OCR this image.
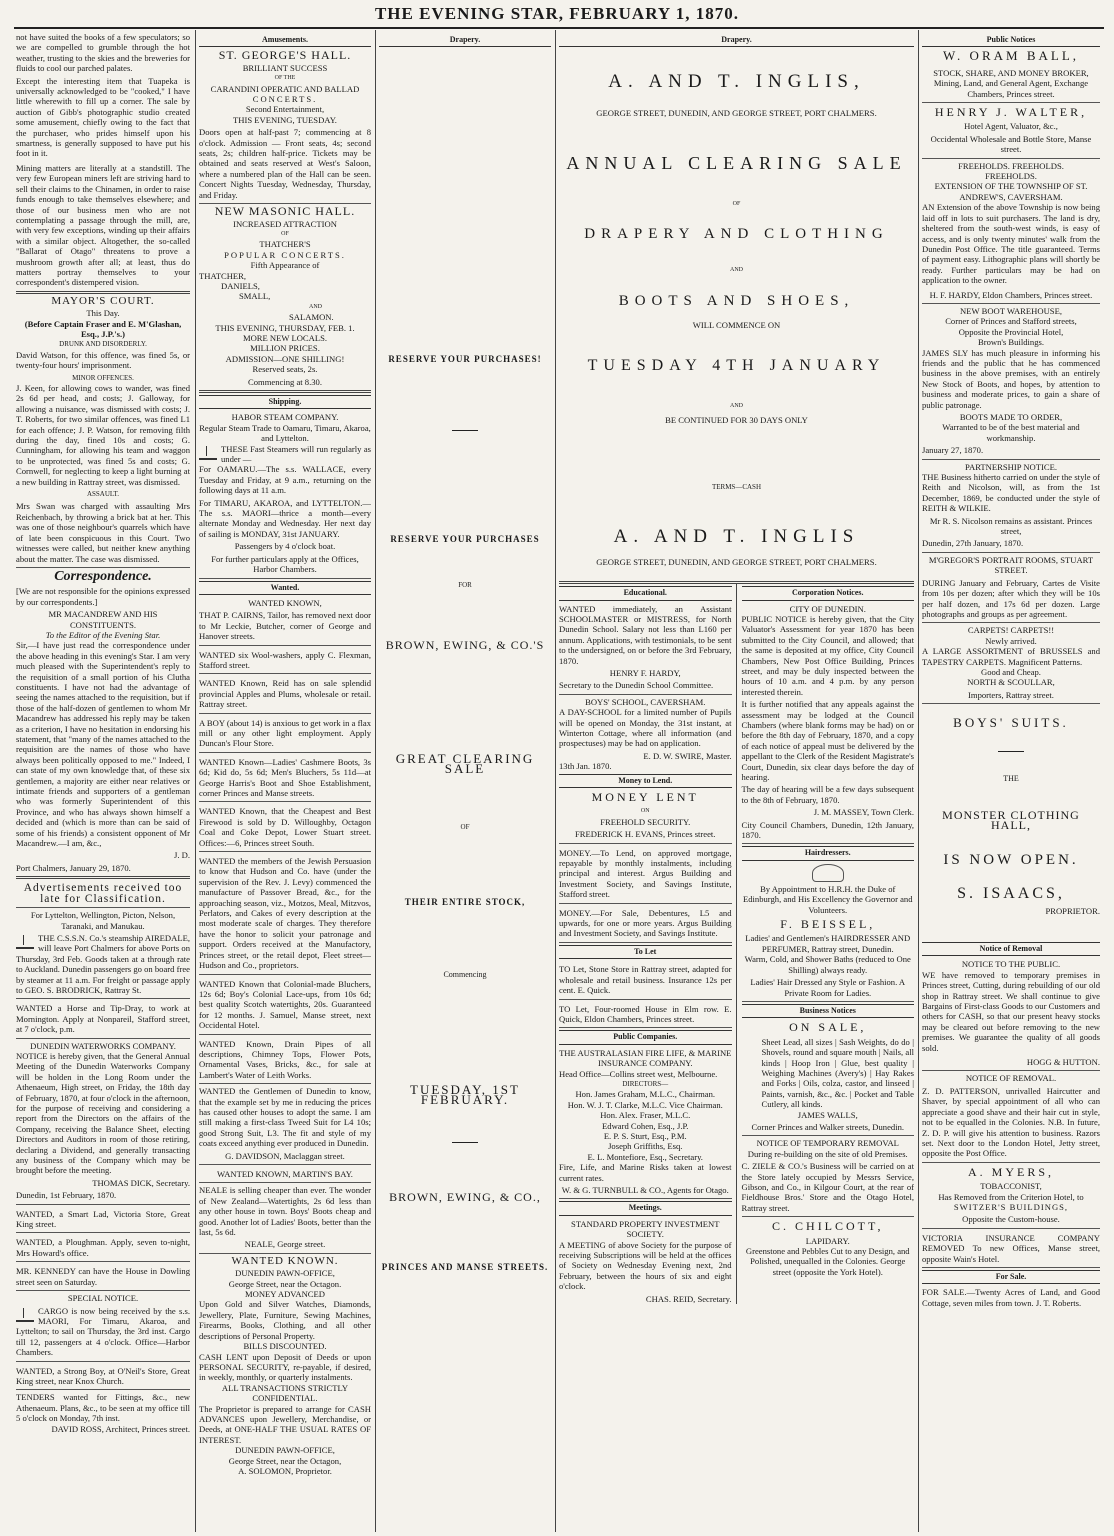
THE EVENING STAR, FEBRUARY 1, 1870.

not have suited the books of a few speculators; so we are compelled to grumble through the hot weather, trusting to the skies and the breweries for fluids to cool our parched palates.

Except the interesting item that Tuapeka is universally acknowledged to be "cooked," I have little wherewith to fill up a corner. The sale by auction of Gibb's photographic studio created some amusement, chiefly owing to the fact that the purchaser, who prides himself upon his smartness, is generally supposed to have put his foot in it.

Mining matters are literally at a standstill. The very few European miners left are striving hard to sell their claims to the Chinamen, in order to raise funds enough to take themselves elsewhere; and those of our business men who are not contemplating a passage through the mill, are, with very few exceptions, winding up their affairs with a similar object. Altogether, the so-called "Ballarat of Otago" threatens to prove a mushroom growth after all; at least, thus do matters portray themselves to your correspondent's distempered vision.

MAYOR'S COURT.
This Day.
(Before Captain Fraser and E. M'Glashan, Esq., J.P.'s.)
DRUNK AND DISORDERLY.

David Watson, for this offence, was fined 5s, or twenty-four hours' imprisonment.

MINOR OFFENCES.

J. Keen, for allowing cows to wander, was fined 2s 6d per head, and costs; J. Galloway, for allowing a nuisance, was dismissed with costs; J. T. Roberts, for two similar offences, was fined L1 for each offence; J. P. Watson, for removing filth during the day, fined 10s and costs; G. Cunningham, for allowing his team and waggon to be unprotected, was fined 5s and costs; G. Cornwell, for neglecting to keep a light burning at a new building in Rattray street, was dismissed.

ASSAULT.

Mrs Swan was charged with assaulting Mrs Reichenbach, by throwing a brick bat at her. This was one of those neighbour's quarrels which have of late been conspicuous in this Court. Two witnesses were called, but neither knew anything about the matter. The case was dismissed.

Correspondence.

[We are not responsible for the opinions expressed by our correspondents.]

MR MACANDREW AND HIS CONSTITUENTS.
To the Editor of the Evening Star.

Sir,—I have just read the correspondence under the above heading in this evening's Star. I am very much pleased with the Superintendent's reply to the requisition of a small portion of his Clutha constituents. I have not had the advantage of seeing the names attached to the requisition, but if those of the half-dozen of gentlemen to whom Mr Macandrew has addressed his reply may be taken as a criterion, I have no hesitation in endorsing his statement, that "many of the names attached to the requisition are the names of those who have always been politically opposed to me." Indeed, I can state of my own knowledge that, of these six gentlemen, a majority are either near relatives or intimate friends and supporters of a gentleman who was formerly Superintendent of this Province, and who has always shown himself a decided and (which is more than can be said of some of his friends) a consistent opponent of Mr Macandrew.—I am, &c.,

J. D.
Port Chalmers, January 29, 1870.
Advertisements received too late for Classification.
For Lyttelton, Wellington, Picton, Nelson, Taranaki, and Manukau.
THE C.S.S.N. Co.'s steamship AIREDALE, will leave Port Chalmers for above Ports on Thursday, 3rd Feb. Goods taken at a through rate to Auckland. Dunedin passengers go on board free by steamer at 11 a.m. For freight or passage apply to GEO. S. BRODRICK, Rattray St.
WANTED a Horse and Tip-Dray, to work at Mornington. Apply at Nonpareil, Stafford street, at 7 o'clock, p.m.
DUNEDIN WATERWORKS COMPANY.

NOTICE is hereby given, that the General Annual Meeting of the Dunedin Waterworks Company will be holden in the Long Room under the Athenaeum, High street, on Friday, the 18th day of February, 1870, at four o'clock in the afternoon, for the purpose of receiving and considering a report from the Directors on the affairs of the Company, receiving the Balance Sheet, electing Directors and Auditors in room of those retiring, declaring a Dividend, and generally transacting any business of the Company which may be brought before the meeting.

THOMAS DICK, Secretary.
Dunedin, 1st February, 1870.
WANTED, a Smart Lad, Victoria Store, Great King street.
WANTED, a Ploughman. Apply, seven to-night, Mrs Howard's office.
MR. KENNEDY can have the House in Dowling street seen on Saturday.
SPECIAL NOTICE.
CARGO is now being received by the s.s. MAORI, For Timaru, Akaroa, and Lyttelton; to sail on Thursday, the 3rd inst. Cargo till 12, passengers at 4 o'clock. Office—Harbor Chambers.
WANTED, a Strong Boy, at O'Neil's Store, Great King street, near Knox Church.
TENDERS wanted for Fittings, &c., new Athenaeum. Plans, &c., to be seen at my office till 5 o'clock on Monday, 7th inst.
DAVID ROSS, Architect, Princes street.
Amusements.
ST. GEORGE'S HALL.
BRILLIANT SUCCESS
OF THE
CARANDINI OPERATIC AND BALLAD
CONCERTS.
Second Entertainment,
THIS EVENING, TUESDAY.

Doors open at half-past 7; commencing at 8 o'clock. Admission — Front seats, 4s; second seats, 2s; children half-price. Tickets may be obtained and seats reserved at West's Saloon, where a numbered plan of the Hall can be seen. Concert Nights Tuesday, Wednesday, Thursday, and Friday.

NEW MASONIC HALL.
INCREASED ATTRACTION
OF
THATCHER'S
POPULAR CONCERTS.
Fifth Appearance of
THATCHER,
DANIELS,
SMALL,
AND
SALAMON.
THIS EVENING, THURSDAY, FEB. 1.
MORE NEW LOCALS.
MILLION PRICES.
ADMISSION—ONE SHILLING!
Reserved seats, 2s.
Commencing at 8.30.
Shipping.
HABOR STEAM COMPANY.
Regular Steam Trade to Oamaru, Timaru, Akaroa, and Lyttelton.
THESE Fast Steamers will run regularly as under —

For OAMARU.—The s.s. WALLACE, every Tuesday and Friday, at 9 a.m., returning on the following days at 11 a.m.

For TIMARU, AKAROA, and LYTTELTON.—The s.s. MAORI—thrice a month—every alternate Monday and Wednesday. Her next day of sailing is MONDAY, 31st JANUARY.

Passengers by 4 o'clock boat.
For further particulars apply at the Offices, Harbor Chambers.
Wanted.
WANTED KNOWN,
THAT P. CAIRNS, Tailor, has removed next door to Mr Leckie, Butcher, corner of George and Hanover streets.
WANTED six Wool-washers, apply C. Flexman, Stafford street.
WANTED Known, Reid has on sale splendid provincial Apples and Plums, wholesale or retail. Rattray street.
A BOY (about 14) is anxious to get work in a flax mill or any other light employment. Apply Duncan's Flour Store.
WANTED Known—Ladies' Cashmere Boots, 3s 6d; Kid do, 5s 6d; Men's Bluchers, 5s 11d—at George Harris's Boot and Shoe Establishment, corner Princes and Manse streets.
WANTED Known, that the Cheapest and Best Firewood is sold by D. Willoughby, Octagon Coal and Coke Depot, Lower Stuart street. Offices:—6, Princes street South.
WANTED the members of the Jewish Persuasion to know that Hudson and Co. have (under the supervision of the Rev. J. Levy) commenced the manufacture of Passover Bread, &c., for the approaching season, viz., Motzos, Meal, Mitzvos, Perlators, and Cakes of every description at the most moderate scale of charges. They therefore have the honor to solicit your patronage and support. Orders received at the Manufactory, Princes street, or the retail depot, Fleet street—Hudson and Co., proprietors.
WANTED Known that Colonial-made Bluchers, 12s 6d; Boy's Colonial Lace-ups, from 10s 6d; best quality Scotch watertights, 20s. Guaranteed for 12 months. J. Samuel, Manse street, next Occidental Hotel.
WANTED Known, Drain Pipes of all descriptions, Chimney Tops, Flower Pots, Ornamental Vases, Bricks, &c., for sale at Lambert's Water of Leith Works.
WANTED the Gentlemen of Dunedin to know, that the example set by me in reducing the prices has caused other houses to adopt the same. I am still making a first-class Tweed Suit for L4 10s; good Strong Suit, L3. The fit and style of my coats exceed anything ever produced in Dunedin.
G. DAVIDSON, Maclaggan street.
WANTED KNOWN, MARTIN'S BAY.
NEALE is selling cheaper than ever. The wonder of New Zealand—Watertights, 2s 6d less than any other house in town. Boys' Boots cheap and good. Another lot of Ladies' Boots, better than the last, 5s 6d.
NEALE, George street.
WANTED KNOWN.
DUNEDIN PAWN-OFFICE,
George Street, near the Octagon.
MONEY ADVANCED
Upon Gold and Silver Watches, Diamonds, Jewellery, Plate, Furniture, Sewing Machines, Firearms, Books, Clothing, and all other descriptions of Personal Property.
BILLS DISCOUNTED.
CASH LENT upon Deposit of Deeds or upon PERSONAL SECURITY, re-payable, if desired, in weekly, monthly, or quarterly instalments.
ALL TRANSACTIONS STRICTLY CONFIDENTIAL.
The Proprietor is prepared to arrange for CASH ADVANCES upon Jewellery, Merchandise, or Deeds, at ONE-HALF THE USUAL RATES OF INTEREST.
DUNEDIN PAWN-OFFICE,
George Street, near the Octagon,
A. SOLOMON, Proprietor.
Drapery.
RESERVE YOUR PURCHASES!
RESERVE YOUR PURCHASES
FOR
BROWN, EWING, & CO.'S
GREAT CLEARING SALE
OF
THEIR ENTIRE STOCK,
Commencing
TUESDAY, 1ST FEBRUARY.
BROWN, EWING, & CO.,
PRINCES AND MANSE STREETS.
Drapery.
A. AND T. INGLIS,
GEORGE STREET, DUNEDIN, AND GEORGE STREET, PORT CHALMERS.
ANNUAL CLEARING SALE
OF
DRAPERY AND CLOTHING
AND
BOOTS AND SHOES,
WILL COMMENCE ON
TUESDAY 4TH JANUARY
AND
BE CONTINUED FOR 30 DAYS ONLY
TERMS—CASH
A. AND T. INGLIS
GEORGE STREET, DUNEDIN, AND GEORGE STREET, PORT CHALMERS.
Educational.

WANTED immediately, an Assistant SCHOOLMASTER or MISTRESS, for North Dunedin School. Salary not less than L160 per annum. Applications, with testimonials, to be sent to the undersigned, on or before the 3rd February, 1870.

HENRY F. HARDY,
Secretary to the Dunedin School Committee.
BOYS' SCHOOL, CAVERSHAM.

A DAY-SCHOOL for a limited number of Pupils will be opened on Monday, the 31st instant, at Winterton Cottage, where all information (and prospectuses) may be had on application.

E. D. W. SWIRE, Master.
13th Jan. 1870.
Money to Lend.
MONEY LENT
ON
FREEHOLD SECURITY.
FREDERICK H. EVANS, Princes street.
MONEY.—To Lend, on approved mortgage, repayable by monthly instalments, including principal and interest. Argus Building and Investment Society, and Savings Institute, Stafford street.
MONEY.—For Sale, Debentures, L5 and upwards, for one or more years. Argus Building and Investment Society, and Savings Institute.
To Let
TO Let, Stone Store in Rattray street, adapted for wholesale and retail business. Insurance 12s per cent. E. Quick.
TO Let, Four-roomed House in Elm row. E. Quick, Eldon Chambers, Princes street.
Public Companies.
THE AUSTRALASIAN FIRE LIFE, & MARINE INSURANCE COMPANY.
Head Office—Collins street west, Melbourne.
DIRECTORS—
Hon. James Graham, M.L.C., Chairman.
Hon. W. J. T. Clarke, M.L.C. Vice Chairman.
Hon. Alex. Fraser, M.L.C.
Edward Cohen, Esq., J.P.
E. P. S. Sturt, Esq., P.M.
Joseph Griffiths, Esq.
E. L. Montefiore, Esq., Secretary.
Fire, Life, and Marine Risks taken at lowest current rates.
W. & G. TURNBULL & CO., Agents for Otago.
Meetings.
STANDARD PROPERTY INVESTMENT SOCIETY.

A MEETING of above Society for the purpose of receiving Subscriptions will be held at the offices of Society on Wednesday Evening next, 2nd February, between the hours of six and eight o'clock.

CHAS. REID, Secretary.
Corporation Notices.
CITY OF DUNEDIN.

PUBLIC NOTICE is hereby given, that the City Valuator's Assessment for year 1870 has been submitted to the City Council, and allowed; that the same is deposited at my office, City Council Chambers, New Post Office Building, Princes street, and may be duly inspected between the hours of 10 a.m. and 4 p.m. by any person interested therein.

It is further notified that any appeals against the assessment may be lodged at the Council Chambers (where blank forms may be had) on or before the 8th day of February, 1870, and a copy of each notice of appeal must be delivered by the appellant to the Clerk of the Resident Magistrate's Court, Dunedin, six clear days before the day of hearing.

The day of hearing will be a few days subsequent to the 8th of February, 1870.

J. M. MASSEY, Town Clerk.
City Council Chambers, Dunedin, 12th January, 1870.
Hairdressers.
By Appointment to H.R.H. the Duke of Edinburgh, and His Excellency the Governor and Volunteers.
F. BEISSEL,
Ladies' and Gentlemen's HAIRDRESSER AND PERFUMER, Rattray street, Dunedin.
Warm, Cold, and Shower Baths (reduced to One Shilling) always ready.
Ladies' Hair Dressed any Style or Fashion. A Private Room for Ladies.
Business Notices
ON SALE,
Sheet Lead, all sizes | Sash Weights, do do | Shovels, round and square mouth | Nails, all kinds | Hoop Iron | Glue, best quality | Weighing Machines (Avery's) | Hay Rakes and Forks | Oils, colza, castor, and linseed | Paints, varnish, &c., &c. | Pocket and Table Cutlery, all kinds.
JAMES WALLS,
Corner Princes and Walker streets, Dunedin.
NOTICE OF TEMPORARY REMOVAL
During re-building on the site of old Premises.
C. ZIELE & CO.'s Business will be carried on at the Store lately occupied by Messrs Service, Gibson, and Co., in Kilgour Court, at the rear of Fieldhouse Bros.' Store and the Otago Hotel, Rattray street.
C. CHILCOTT,
LAPIDARY.
Greenstone and Pebbles Cut to any Design, and Polished, unequalled in the Colonies. George street (opposite the York Hotel).
Public Notices
W. ORAM BALL,
STOCK, SHARE, AND MONEY BROKER, Mining, Land, and General Agent, Exchange Chambers, Princes street.
HENRY J. WALTER,
Hotel Agent, Valuator, &c.,
Occidental Wholesale and Bottle Store, Manse street.
FREEHOLDS. FREEHOLDS.
FREEHOLDS.
EXTENSION OF THE TOWNSHIP OF ST. ANDREW'S, CAVERSHAM.

AN Extension of the above Township is now being laid off in lots to suit purchasers. The land is dry, sheltered from the south-west winds, is easy of access, and is only twenty minutes' walk from the Dunedin Post Office. The title guaranteed. Terms of payment easy. Lithographic plans will shortly be ready. Further particulars may be had on application to the owner.

H. F. HARDY, Eldon Chambers, Princes street.
NEW BOOT WAREHOUSE,
Corner of Princes and Stafford streets,
Opposite the Provincial Hotel,
Brown's Buildings.

JAMES SLY has much pleasure in informing his friends and the public that he has commenced business in the above premises, with an entirely New Stock of Boots, and hopes, by attention to business and moderate prices, to gain a share of public patronage.

BOOTS MADE TO ORDER,
Warranted to be of the best material and workmanship.
January 27, 1870.
PARTNERSHIP NOTICE.

THE Business hitherto carried on under the style of Reith and Nicolson, will, as from the 1st December, 1869, be conducted under the style of REITH & WILKIE.

Mr R. S. Nicolson remains as assistant. Princes street,
Dunedin, 27th January, 1870.
M'GREGOR'S PORTRAIT ROOMS, STUART STREET.
DURING January and February, Cartes de Visite from 10s per dozen; after which they will be 10s per half dozen, and 17s 6d per dozen. Large photographs and groups as per agreement.
CARPETS! CARPETS!!
Newly arrived.
A LARGE ASSORTMENT of BRUSSELS and TAPESTRY CARPETS. Magnificent Patterns.
Good and Cheap.
NORTH & SCOULLAR,
Importers, Rattray street.
BOYS' SUITS.
THE
MONSTER CLOTHING HALL,
IS NOW OPEN.
S. ISAACS,
PROPRIETOR.
Notice of Removal
NOTICE TO THE PUBLIC.

WE have removed to temporary premises in Princes street, Cutting, during rebuilding of our old shop in Rattray street. We shall continue to give Bargains of First-class Goods to our Customers and others for CASH, so that our present heavy stocks may be cleared out before removing to the new premises. We guarantee the quality of all goods sold.

HOGG & HUTTON.
NOTICE OF REMOVAL.
Z. D. PATTERSON, unrivalled Haircutter and Shaver, by special appointment of all who can appreciate a good shave and their hair cut in style, not to be equalled in the Colonies. N.B. In future, Z. D. P. will give his attention to business. Razors set. Next door to the London Hotel, Jetty street, opposite the Post Office.
A. MYERS,
TOBACCONIST,
Has Removed from the Criterion Hotel, to
SWITZER'S BUILDINGS,
Opposite the Custom-house.
VICTORIA INSURANCE COMPANY REMOVED To new Offices, Manse street, opposite Wain's Hotel.
For Sale.
FOR SALE.—Twenty Acres of Land, and Good Cottage, seven miles from town. J. T. Roberts.
